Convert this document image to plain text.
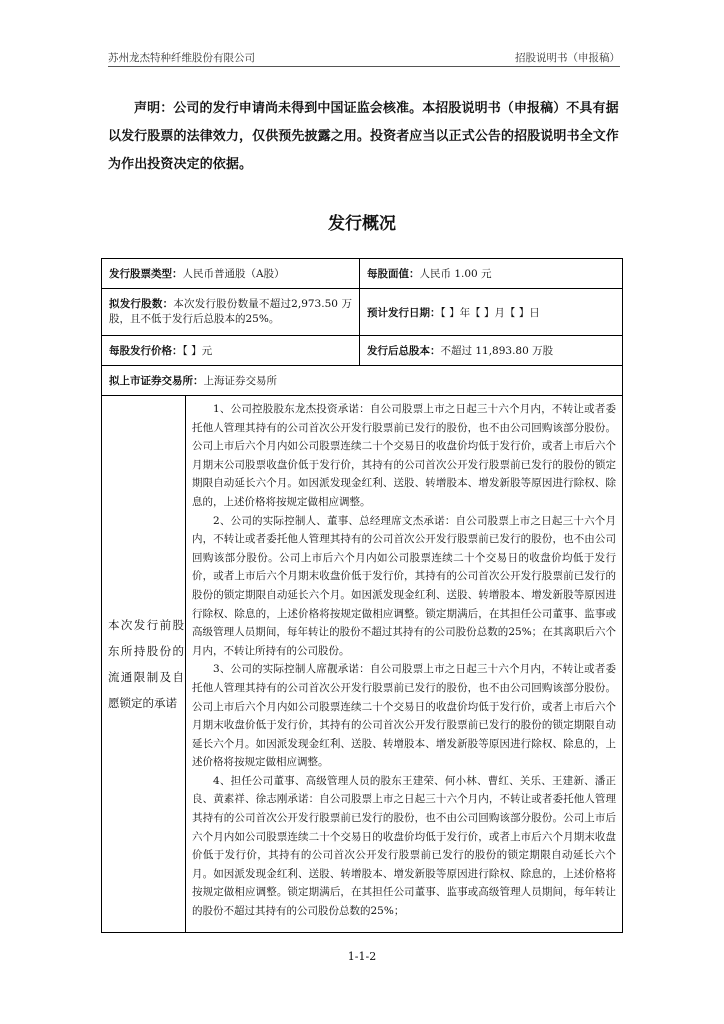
苏州龙杰特种纤维股份有限公司	招股说明书（申报稿）
声明：公司的发行申请尚未得到中国证监会核准。本招股说明书（申报稿）不具有据以发行股票的法律效力，仅供预先披露之用。投资者应当以正式公告的招股说明书全文作为作出投资决定的依据。
发行概况
发行股票类型：人民币普通股（A股）		每股面值：人民币 1.00 元
拟发行股数：本次发行股份数量不超过2,973.50 万股，且不低于发行后总股本的25%。		预计发行日期：【 】年【 】月【 】日
每股发行价格：【 】元		发行后总股本：不超过 11,893.80 万股
拟上市证券交易所：上海证券交易所		
本次发行前股东所持股份的流通限制及自愿锁定的承诺	1、公司控股股东龙杰投资承诺：自公司股票上市之日起三十六个月内，不转让或者委托他人管理其持有的公司首次公开发行股票前已发行的股份，也不由公司回购该部分股份。公司上市后六个月内如公司股票连续二十个交易日的收盘价均低于发行价，或者上市后六个月期末公司股票收盘价低于发行价，其持有的公司首次公开发行股票前已发行的股份的锁定期限自动延长六个月。如因派发现金红利、送股、转增股本、增发新股等原因进行除权、除息的，上述价格将按规定做相应调整。

2、公司的实际控制人、董事、总经理席文杰承诺：自公司股票上市之日起三十六个月内，不转让或者委托他人管理其持有的公司首次公开发行股票前已发行的股份，也不由公司回购该部分股份。公司上市后六个月内如公司股票连续二十个交易日的收盘价均低于发行价，或者上市后六个月期末收盘价低于发行价，其持有的公司首次公开发行股票前已发行的股份的锁定期限自动延长六个月。如因派发现金红利、送股、转增股本、增发新股等原因进行除权、除息的，上述价格将按规定做相应调整。锁定期满后，在其担任公司董事、监事或高级管理人员期间，每年转让的股份不超过其持有的公司股份总数的25%；在其离职后六个月内，不转让所持有的公司股份。

3、公司的实际控制人席靓承诺：自公司股票上市之日起三十六个月内，不转让或者委托他人管理其持有的公司首次公开发行股票前已发行的股份，也不由公司回购该部分股份。公司上市后六个月内如公司股票连续二十个交易日的收盘价均低于发行价，或者上市后六个月期末收盘价低于发行价，其持有的公司首次公开发行股票前已发行的股份的锁定期限自动延长六个月。如因派发现金红利、送股、转增股本、增发新股等原因进行除权、除息的，上述价格将按规定做相应调整。

4、担任公司董事、高级管理人员的股东王建荣、何小林、曹红、关乐、王建新、潘正良、黄素祥、徐志刚承诺：自公司股票上市之日起三十六个月内，不转让或者委托他人管理其持有的公司首次公开发行股票前已发行的股份，也不由公司回购该部分股份。公司上市后六个月内如公司股票连续二十个交易日的收盘价均低于发行价，或者上市后六个月期末收盘价低于发行价，其持有的公司首次公开发行股票前已发行的股份的锁定期限自动延长六个月。如因派发现金红利、送股、转增股本、增发新股等原因进行除权、除息的，上述价格将按规定做相应调整。锁定期满后，在其担任公司董事、监事或高级管理人员期间，每年转让的股份不超过其持有的公司股份总数的25%；	

1-1-2
